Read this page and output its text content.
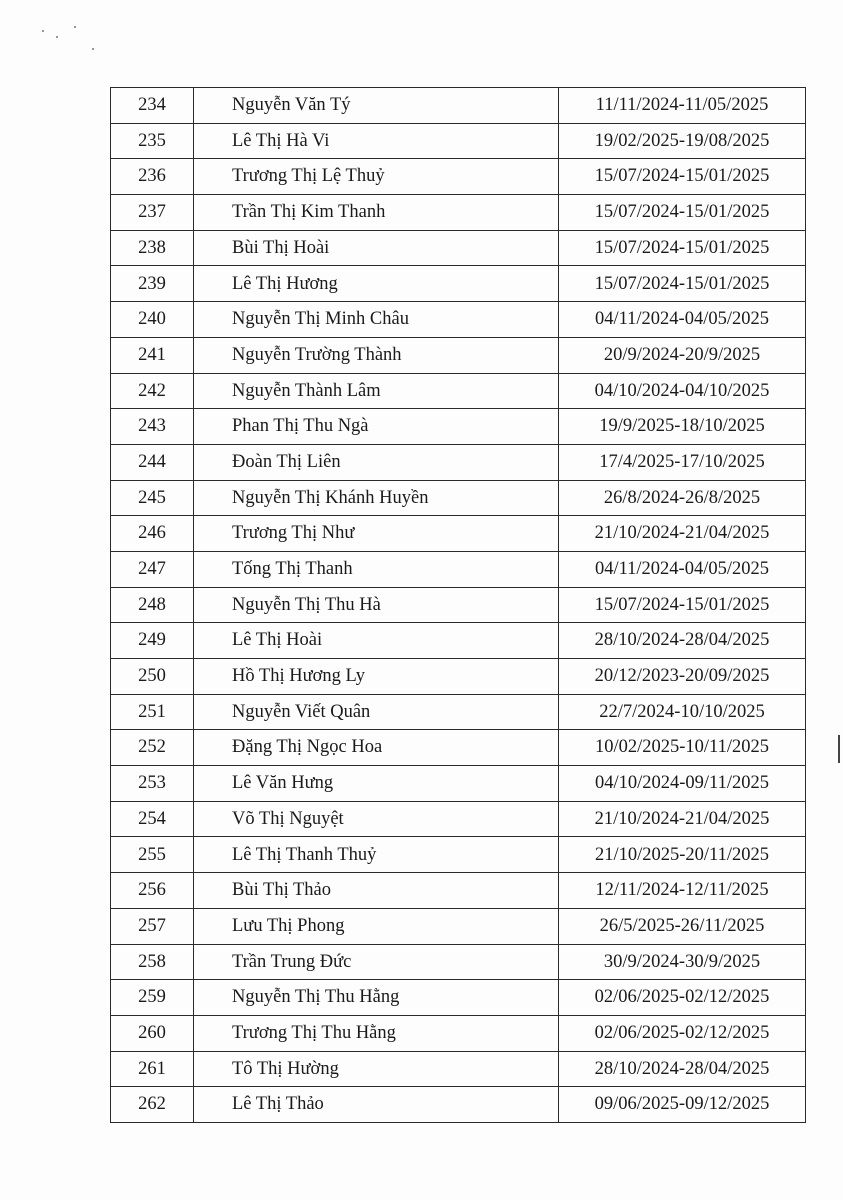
234	Nguyễn Văn Tý	11/11/2024-11/05/2025
235	Lê Thị Hà Vi	19/02/2025-19/08/2025
236	Trương Thị Lệ Thuỷ	15/07/2024-15/01/2025
237	Trần Thị Kim Thanh	15/07/2024-15/01/2025
238	Bùi Thị Hoài	15/07/2024-15/01/2025
239	Lê Thị Hương	15/07/2024-15/01/2025
240	Nguyễn Thị Minh Châu	04/11/2024-04/05/2025
241	Nguyễn Trường Thành	20/9/2024-20/9/2025
242	Nguyễn Thành Lâm	04/10/2024-04/10/2025
243	Phan Thị Thu Ngà	19/9/2025-18/10/2025
244	Đoàn Thị Liên	17/4/2025-17/10/2025
245	Nguyễn Thị Khánh Huyền	26/8/2024-26/8/2025
246	Trương Thị Như	21/10/2024-21/04/2025
247	Tống Thị Thanh	04/11/2024-04/05/2025
248	Nguyễn Thị Thu Hà	15/07/2024-15/01/2025
249	Lê Thị Hoài	28/10/2024-28/04/2025
250	Hồ Thị Hương Ly	20/12/2023-20/09/2025
251	Nguyễn Viết Quân	22/7/2024-10/10/2025
252	Đặng Thị Ngọc Hoa	10/02/2025-10/11/2025
253	Lê Văn Hưng	04/10/2024-09/11/2025
254	Võ Thị Nguyệt	21/10/2024-21/04/2025
255	Lê Thị Thanh Thuỷ	21/10/2025-20/11/2025
256	Bùi Thị Thảo	12/11/2024-12/11/2025
257	Lưu Thị Phong	26/5/2025-26/11/2025
258	Trần Trung Đức	30/9/2024-30/9/2025
259	Nguyễn Thị Thu Hằng	02/06/2025-02/12/2025
260	Trương Thị Thu Hằng	02/06/2025-02/12/2025
261	Tô Thị Hường	28/10/2024-28/04/2025
262	Lê Thị Thảo	09/06/2025-09/12/2025
